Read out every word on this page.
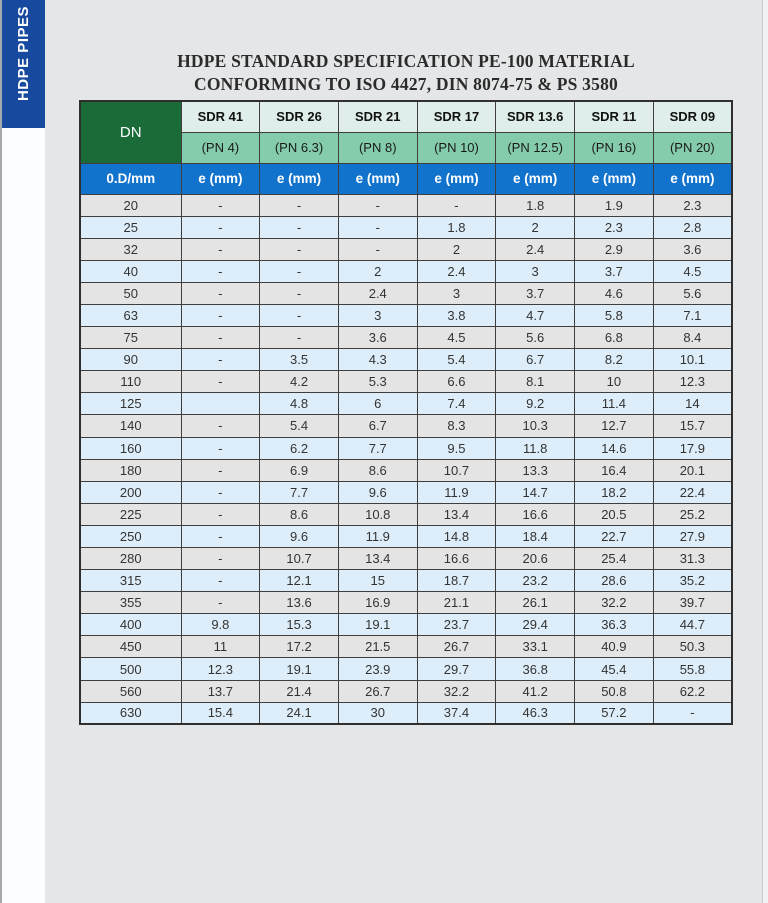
HDPE PIPES	HDPE STANDARD SPECIFICATION PE-100 MATERIAL
CONFORMING TO ISO 4427, DIN 8074-75 & PS 3580
DN	SDR 41	SDR 26	SDR 21	SDR 17	SDR 13.6	SDR 11	SDR 09
	(PN 4)	(PN 6.3)	(PN 8)	(PN 10)	(PN 12.5)	(PN 16)	(PN 20)
0.D/mm	e (mm)	e (mm)	e (mm)	e (mm)	e (mm)	e (mm)	e (mm)
20	-	-	-	-	1.8	1.9	2.3
25	-	-	-	1.8	2	2.3	2.8
32	-	-	-	2	2.4	2.9	3.6
40	-	-	2	2.4	3	3.7	4.5
50	-	-	2.4	3	3.7	4.6	5.6
63	-	-	3	3.8	4.7	5.8	7.1
75	-	-	3.6	4.5	5.6	6.8	8.4
90	-	3.5	4.3	5.4	6.7	8.2	10.1
110	-	4.2	5.3	6.6	8.1	10	12.3
125		4.8	6	7.4	9.2	11.4	14
140	-	5.4	6.7	8.3	10.3	12.7	15.7
160	-	6.2	7.7	9.5	11.8	14.6	17.9
180	-	6.9	8.6	10.7	13.3	16.4	20.1
200	-	7.7	9.6	11.9	14.7	18.2	22.4
225	-	8.6	10.8	13.4	16.6	20.5	25.2
250	-	9.6	11.9	14.8	18.4	22.7	27.9
280	-	10.7	13.4	16.6	20.6	25.4	31.3
315	-	12.1	15	18.7	23.2	28.6	35.2
355	-	13.6	16.9	21.1	26.1	32.2	39.7
400	9.8	15.3	19.1	23.7	29.4	36.3	44.7
450	11	17.2	21.5	26.7	33.1	40.9	50.3
500	12.3	19.1	23.9	29.7	36.8	45.4	55.8
560	13.7	21.4	26.7	32.2	41.2	50.8	62.2
630	15.4	24.1	30	37.4	46.3	57.2	-
